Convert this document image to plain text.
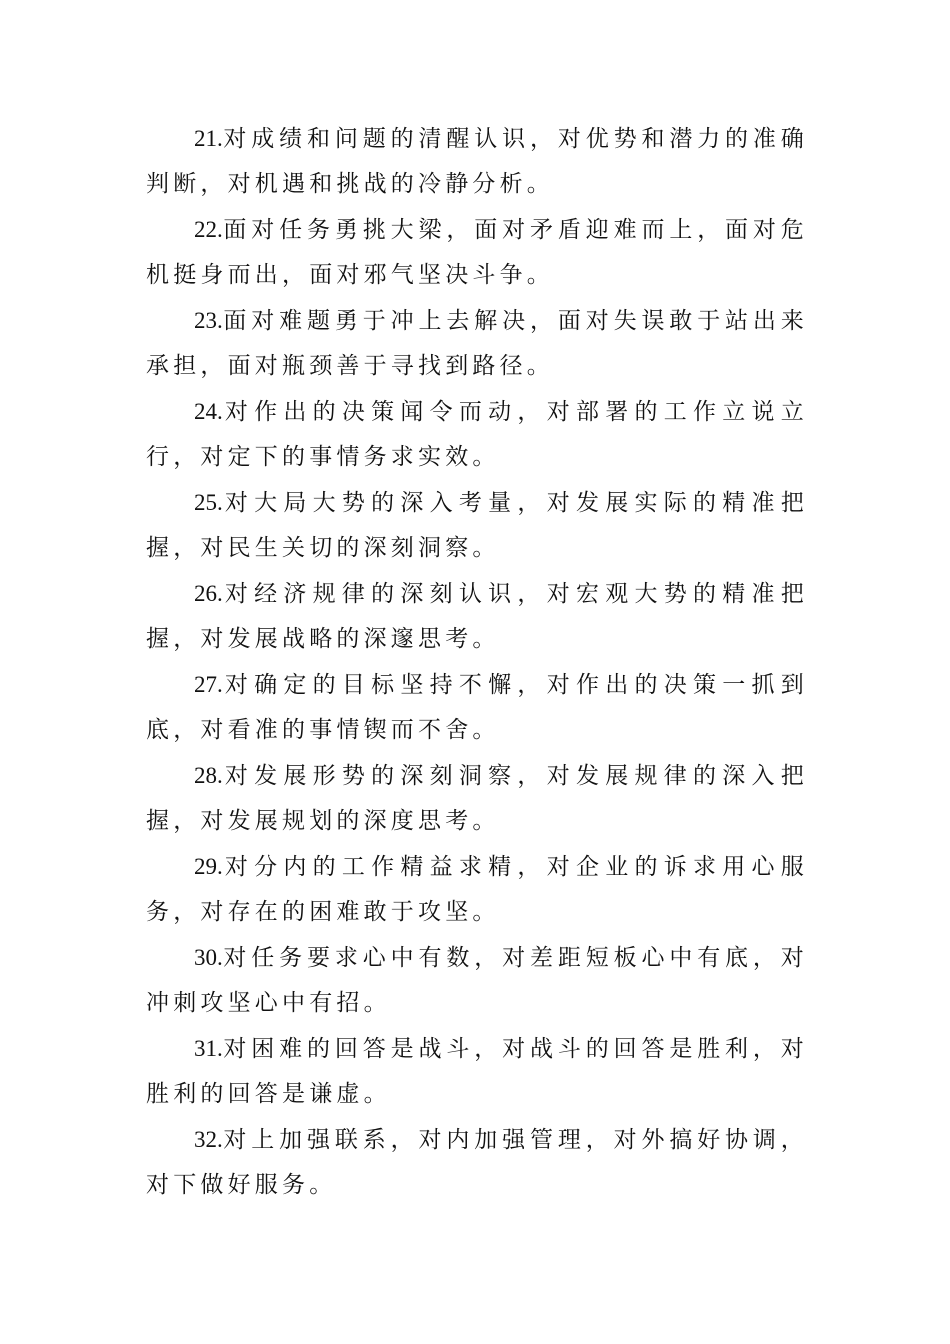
21.对成绩和问题的清醒认识，对优势和潜力的准确判断，对机遇和挑战的冷静分析。

22.面对任务勇挑大梁，面对矛盾迎难而上，面对危机挺身而出，面对邪气坚决斗争。

23.面对难题勇于冲上去解决，面对失误敢于站出来承担，面对瓶颈善于寻找到路径。

24.对作出的决策闻令而动，对部署的工作立说立行，对定下的事情务求实效。

25.对大局大势的深入考量，对发展实际的精准把握，对民生关切的深刻洞察。

26.对经济规律的深刻认识，对宏观大势的精准把握，对发展战略的深邃思考。

27.对确定的目标坚持不懈，对作出的决策一抓到底，对看准的事情锲而不舍。

28.对发展形势的深刻洞察，对发展规律的深入把握，对发展规划的深度思考。

29.对分内的工作精益求精，对企业的诉求用心服务，对存在的困难敢于攻坚。

30.对任务要求心中有数，对差距短板心中有底，对冲刺攻坚心中有招。

31.对困难的回答是战斗，对战斗的回答是胜利，对胜利的回答是谦虚。

32.对上加强联系，对内加强管理，对外搞好协调，对下做好服务。
